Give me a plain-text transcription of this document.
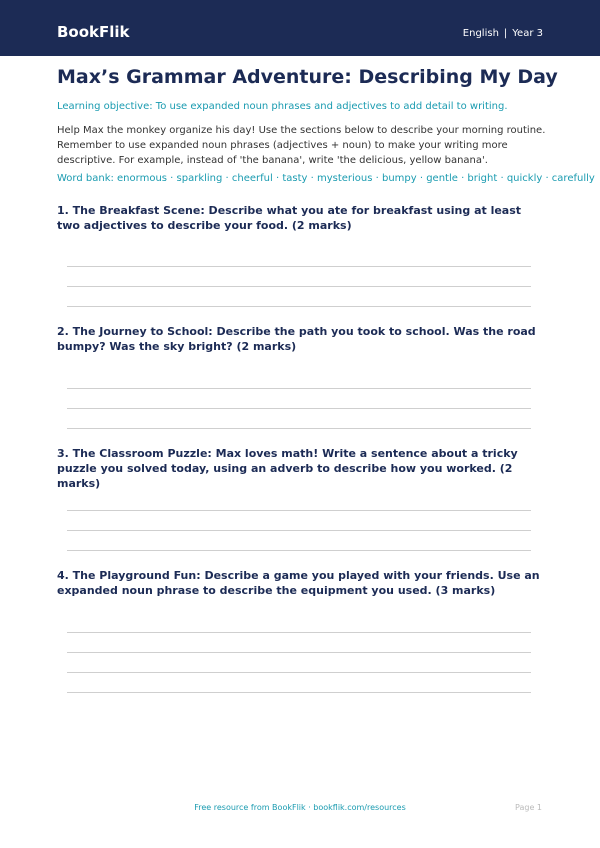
BookFlik	English | Year 3
Max’s Grammar Adventure: Describing My Day
Learning objective: To use expanded noun phrases and adjectives to add detail to writing.
Help Max the monkey organize his day! Use the sections below to describe your morning routine. Remember to use expanded noun phrases (adjectives + noun) to make your writing more descriptive. For example, instead of 'the banana', write 'the delicious, yellow banana'.
Word bank: enormous · sparkling · cheerful · tasty · mysterious · bumpy · gentle · bright · quickly · carefully
1. The Breakfast Scene: Describe what you ate for breakfast using at least two adjectives to describe your food. (2 marks)
2. The Journey to School: Describe the path you took to school. Was the road bumpy? Was the sky bright? (2 marks)
3. The Classroom Puzzle: Max loves math! Write a sentence about a tricky puzzle you solved today, using an adverb to describe how you worked. (2 marks)
4. The Playground Fun: Describe a game you played with your friends. Use an expanded noun phrase to describe the equipment you used. (3 marks)
Free resource from BookFlik · bookflik.com/resources	Page 1
